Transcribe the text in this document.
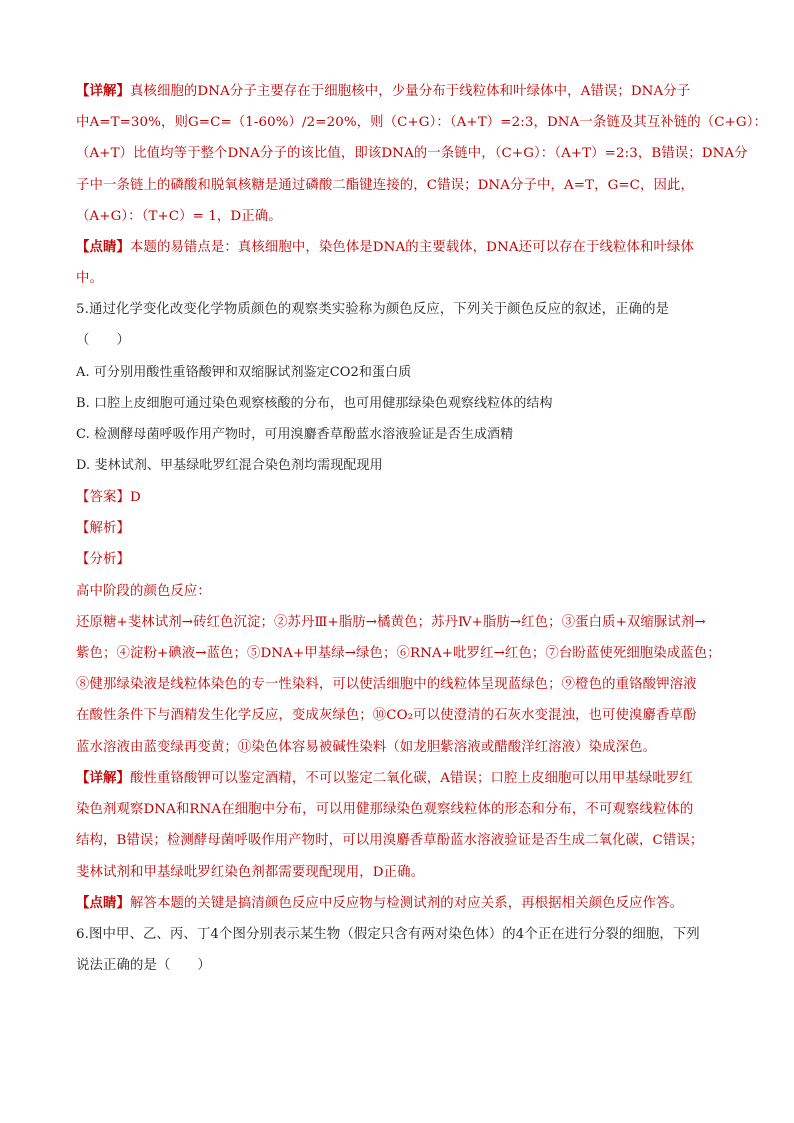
【详解】真核细胞的DNA分子主要存在于细胞核中，少量分布于线粒体和叶绿体中，A错误；DNA分子
中A=T=30%，则G=C=（1-60%）/2=20%，则（C+G）：（A+T）=2:3，DNA一条链及其互补链的（C+G）：
（A+T）比值均等于整个DNA分子的该比值，即该DNA的一条链中，（C+G）：（A+T）=2:3，B错误；DNA分
子中一条链上的磷酸和脱氧核糖是通过磷酸二酯键连接的，C错误；DNA分子中，A=T，G=C，因此，
（A+G）：（T+C）= 1，D正确。
【点睛】本题的易错点是：真核细胞中，染色体是DNA的主要载体，DNA还可以存在于线粒体和叶绿体
中。
5.通过化学变化改变化学物质颜色的观察类实验称为颜色反应，下列关于颜色反应的叙述，正确的是
（　　）
A. 可分别用酸性重铬酸钾和双缩脲试剂鉴定CO2和蛋白质
B. 口腔上皮细胞可通过染色观察核酸的分布，也可用健那绿染色观察线粒体的结构
C. 检测酵母菌呼吸作用产物时，可用溴麝香草酚蓝水溶液验证是否生成酒精
D. 斐林试剂、甲基绿吡罗红混合染色剂均需现配现用
【答案】D
【解析】
【分析】
高中阶段的颜色反应：
还原糖+斐林试剂→砖红色沉淀；②苏丹Ⅲ+脂肪→橘黄色；苏丹Ⅳ+脂肪→红色；③蛋白质+双缩脲试剂→
紫色；④淀粉+碘液→蓝色；⑤DNA+甲基绿→绿色；⑥RNA+吡罗红→红色；⑦台盼蓝使死细胞染成蓝色；
⑧健那绿染液是线粒体染色的专一性染料，可以使活细胞中的线粒体呈现蓝绿色；⑨橙色的重铬酸钾溶液
在酸性条件下与酒精发生化学反应，变成灰绿色；⑩CO₂可以使澄清的石灰水变混浊，也可使溴麝香草酚
蓝水溶液由蓝变绿再变黄；⑪染色体容易被碱性染料（如龙胆紫溶液或醋酸洋红溶液）染成深色。
【详解】酸性重铬酸钾可以鉴定酒精，不可以鉴定二氧化碳，A错误；口腔上皮细胞可以用甲基绿吡罗红
染色剂观察DNA和RNA在细胞中分布，可以用健那绿染色观察线粒体的形态和分布，不可观察线粒体的
结构，B错误；检测酵母菌呼吸作用产物时，可以用溴麝香草酚蓝水溶液验证是否生成二氧化碳，C错误；
斐林试剂和甲基绿吡罗红染色剂都需要现配现用，D正确。
【点睛】解答本题的关键是搞清颜色反应中反应物与检测试剂的对应关系，再根据相关颜色反应作答。
6.图中甲、乙、丙、丁4个图分别表示某生物（假定只含有两对染色体）的4个正在进行分裂的细胞，下列
说法正确的是（　　）
